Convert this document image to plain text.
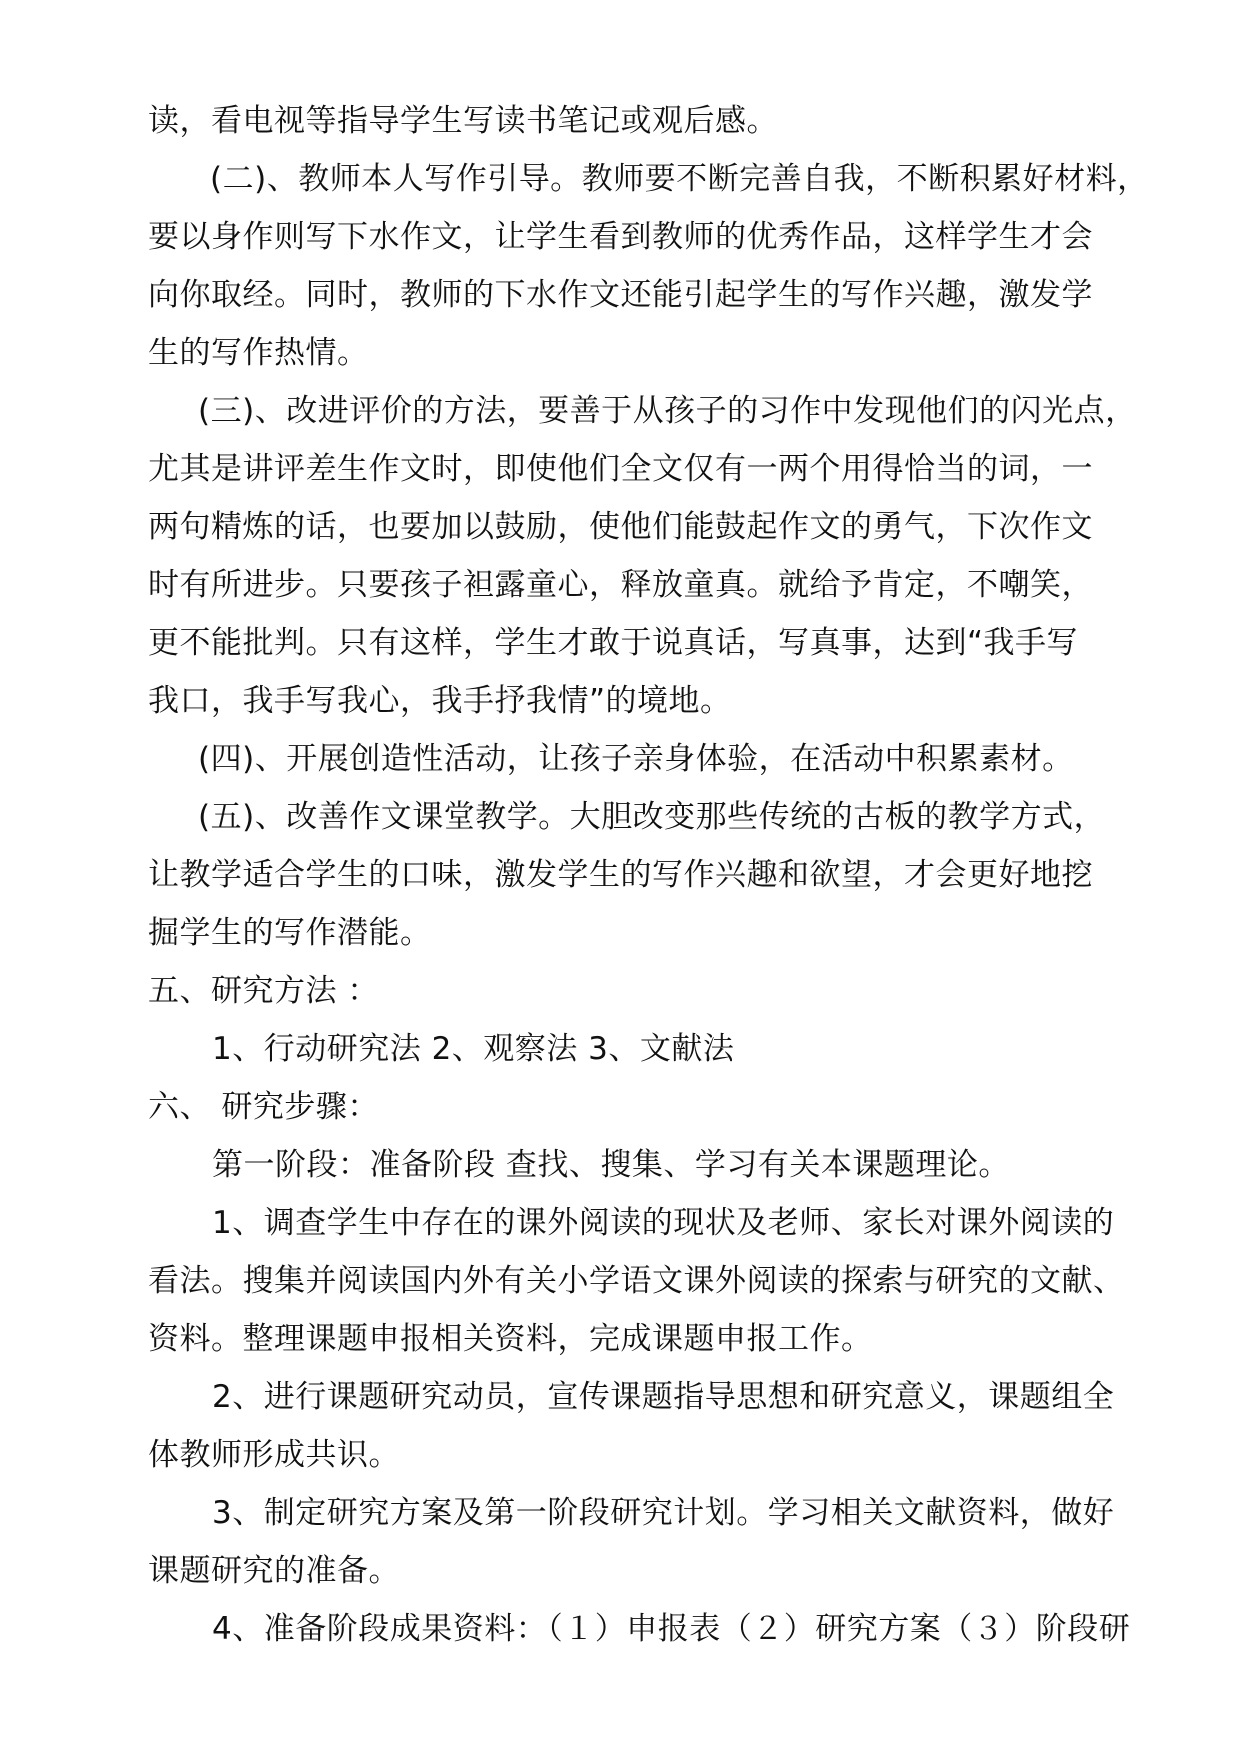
读，看电视等指导学生写读书笔记或观后感。
(二)、教师本人写作引导。教师要不断完善自我，不断积累好材料，
要以身作则写下水作文，让学生看到教师的优秀作品，这样学生才会
向你取经。同时，教师的下水作文还能引起学生的写作兴趣，激发学
生的写作热情。
(三)、改进评价的方法，要善于从孩子的习作中发现他们的闪光点，
尤其是讲评差生作文时，即使他们全文仅有一两个用得恰当的词，一
两句精炼的话，也要加以鼓励，使他们能鼓起作文的勇气，下次作文
时有所进步。只要孩子袒露童心，释放童真。就给予肯定，不嘲笑，
更不能批判。只有这样，学生才敢于说真话，写真事，达到“我手写
我口，我手写我心，我手抒我情”的境地。
(四)、开展创造性活动，让孩子亲身体验，在活动中积累素材。
(五)、改善作文课堂教学。大胆改变那些传统的古板的教学方式，
让教学适合学生的口味，激发学生的写作兴趣和欲望，才会更好地挖
掘学生的写作潜能。
五、研究方法 ：
1、行动研究法 2、观察法 3、文献法
六、 研究步骤：
第一阶段：准备阶段 查找、搜集、学习有关本课题理论。
1、调查学生中存在的课外阅读的现状及老师、家长对课外阅读的
看法。搜集并阅读国内外有关小学语文课外阅读的探索与研究的文献、
资料。整理课题申报相关资料，完成课题申报工作。
2、进行课题研究动员，宣传课题指导思想和研究意义，课题组全
体教师形成共识。
3、制定研究方案及第一阶段研究计划。学习相关文献资料，做好
课题研究的准备。
4、准备阶段成果资料：（１）申报表（２）研究方案（３）阶段研
